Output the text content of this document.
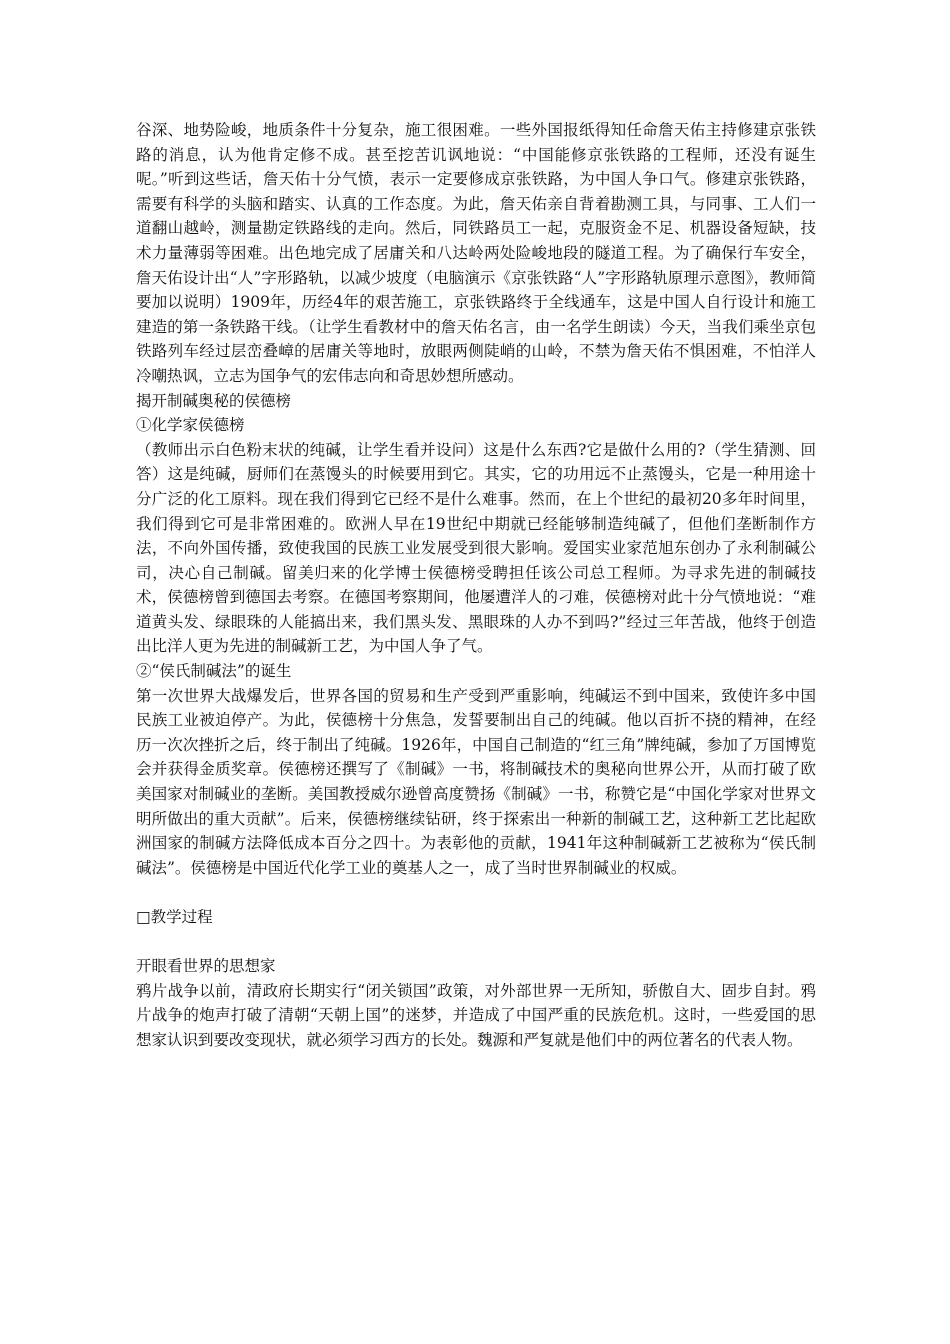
谷深、地势险峻，地质条件十分复杂，施工很困难。一些外国报纸得知任命詹天佑主持修建京张铁路的消息，认为他肯定修不成。甚至挖苦讥讽地说：“中国能修京张铁路的工程师，还没有诞生呢。”听到这些话，詹天佑十分气愤，表示一定要修成京张铁路，为中国人争口气。修建京张铁路，需要有科学的头脑和踏实、认真的工作态度。为此，詹天佑亲自背着勘测工具，与同事、工人们一道翻山越岭，测量勘定铁路线的走向。然后，同铁路员工一起，克服资金不足、机器设备短缺，技术力量薄弱等困难。出色地完成了居庸关和八达岭两处险峻地段的隧道工程。为了确保行车安全，詹天佑设计出“人”字形路轨，以减少坡度（电脑演示《京张铁路“人”字形路轨原理示意图》，教师简要加以说明）1909年，历经4年的艰苦施工，京张铁路终于全线通车，这是中国人自行设计和施工建造的第一条铁路干线。（让学生看教材中的詹天佑名言，由一名学生朗读）今天，当我们乘坐京包铁路列车经过层峦叠嶂的居庸关等地时，放眼两侧陡峭的山岭，不禁为詹天佑不惧困难，不怕洋人冷嘲热讽，立志为国争气的宏伟志向和奇思妙想所感动。

揭开制碱奥秘的侯德榜

①化学家侯德榜

（教师出示白色粉末状的纯碱，让学生看并设问）这是什么东西?它是做什么用的?（学生猜测、回答）这是纯碱，厨师们在蒸馒头的时候要用到它。其实，它的功用远不止蒸馒头，它是一种用途十分广泛的化工原料。现在我们得到它已经不是什么难事。然而，在上个世纪的最初20多年时间里，我们得到它可是非常困难的。欧洲人早在19世纪中期就已经能够制造纯碱了，但他们垄断制作方法，不向外国传播，致使我国的民族工业发展受到很大影响。爱国实业家范旭东创办了永利制碱公司，决心自己制碱。留美归来的化学博士侯德榜受聘担任该公司总工程师。为寻求先进的制碱技术，侯德榜曾到德国去考察。在德国考察期间，他屡遭洋人的刁难，侯德榜对此十分气愤地说：“难道黄头发、绿眼珠的人能搞出来，我们黑头发、黑眼珠的人办不到吗?”经过三年苦战，他终于创造出比洋人更为先进的制碱新工艺，为中国人争了气。

②“侯氏制碱法”的诞生

第一次世界大战爆发后，世界各国的贸易和生产受到严重影响，纯碱运不到中国来，致使许多中国民族工业被迫停产。为此，侯德榜十分焦急，发誓要制出自己的纯碱。他以百折不挠的精神，在经历一次次挫折之后，终于制出了纯碱。1926年，中国自己制造的“红三角”牌纯碱，参加了万国博览会并获得金质奖章。侯德榜还撰写了《制碱》一书，将制碱技术的奥秘向世界公开，从而打破了欧美国家对制碱业的垄断。美国教授威尔逊曾高度赞扬《制碱》一书，称赞它是“中国化学家对世界文明所做出的重大贡献”。后来，侯德榜继续钻研，终于探索出一种新的制碱工艺，这种新工艺比起欧洲国家的制碱方法降低成本百分之四十。为表彰他的贡献，1941年这种制碱新工艺被称为“侯氏制碱法”。侯德榜是中国近代化学工业的奠基人之一，成了当时世界制碱业的权威。

□教学过程

开眼看世界的思想家

鸦片战争以前，清政府长期实行“闭关锁国”政策，对外部世界一无所知，骄傲自大、固步自封。鸦片战争的炮声打破了清朝“天朝上国”的迷梦，并造成了中国严重的民族危机。这时，一些爱国的思想家认识到要改变现状，就必须学习西方的长处。魏源和严复就是他们中的两位著名的代表人物。
